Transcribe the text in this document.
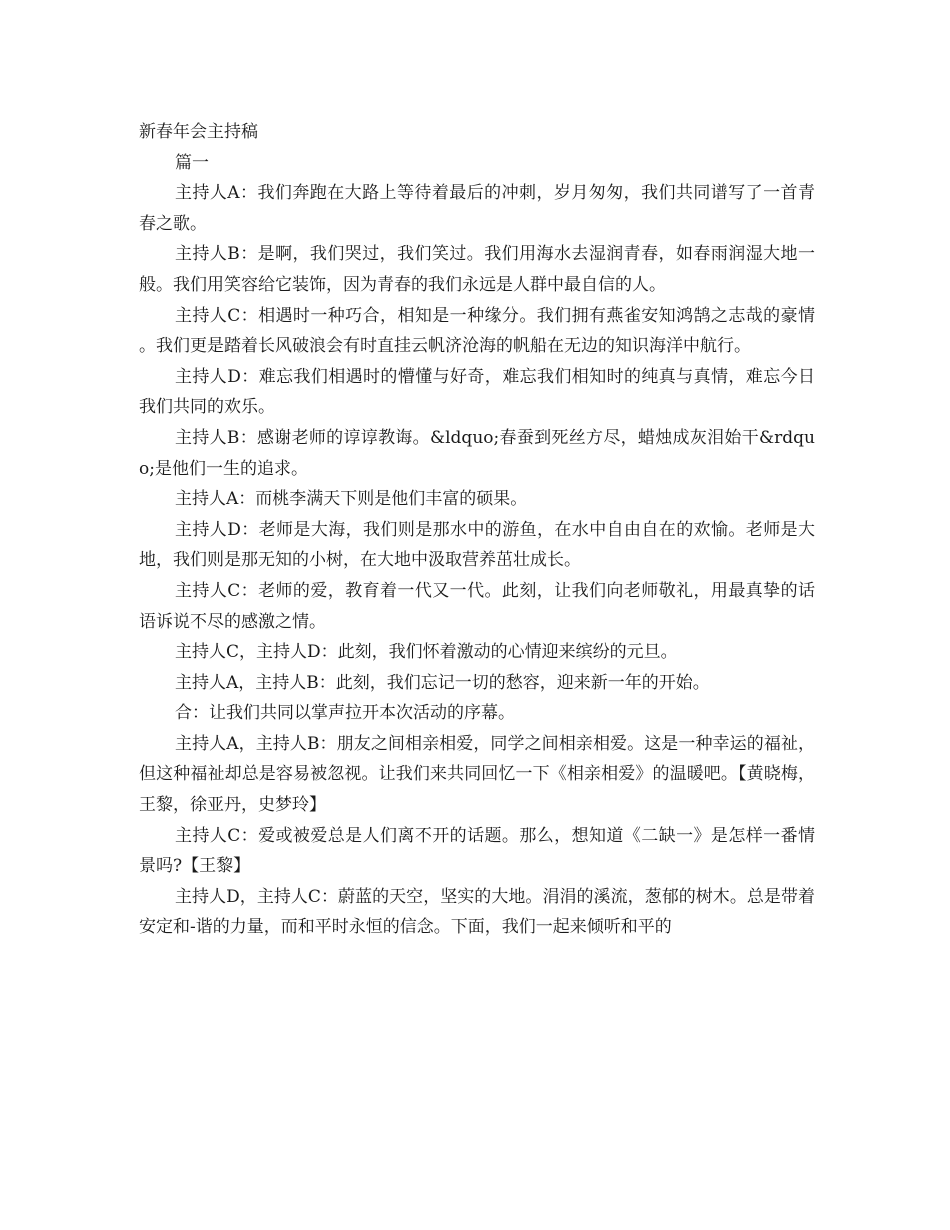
新春年会主持稿

篇一

主持人A：我们奔跑在大路上等待着最后的冲刺，岁月匆匆，我们共同谱写了一首青春之歌。

主持人B：是啊，我们哭过，我们笑过。我们用海水去湿润青春，如春雨润湿大地一般。我们用笑容给它装饰，因为青春的我们永远是人群中最自信的人。

主持人C：相遇时一种巧合，相知是一种缘分。我们拥有燕雀安知鸿鹄之志哉的豪情。我们更是踏着长风破浪会有时直挂云帆济沧海的帆船在无边的知识海洋中航行。

主持人D：难忘我们相遇时的懵懂与好奇，难忘我们相知时的纯真与真情，难忘今日我们共同的欢乐。

主持人B：感谢老师的谆谆教诲。&ldquo;春蚕到死丝方尽，蜡烛成灰泪始干&rdquo;是他们一生的追求。

主持人A：而桃李满天下则是他们丰富的硕果。

主持人D：老师是大海，我们则是那水中的游鱼，在水中自由自在的欢愉。老师是大地，我们则是那无知的小树，在大地中汲取营养茁壮成长。

主持人C：老师的爱，教育着一代又一代。此刻，让我们向老师敬礼，用最真挚的话语诉说不尽的感激之情。

主持人C，主持人D：此刻，我们怀着激动的心情迎来缤纷的元旦。

主持人A，主持人B：此刻，我们忘记一切的愁容，迎来新一年的开始。

合：让我们共同以掌声拉开本次活动的序幕。

主持人A，主持人B：朋友之间相亲相爱，同学之间相亲相爱。这是一种幸运的福祉，但这种福祉却总是容易被忽视。让我们来共同回忆一下《相亲相爱》的温暖吧。【黄晓梅，王黎，徐亚丹，史梦玲】

主持人C：爱或被爱总是人们离不开的话题。那么，想知道《二缺一》是怎样一番情景吗?【王黎】

主持人D，主持人C：蔚蓝的天空，坚实的大地。涓涓的溪流，葱郁的树木。总是带着安定和-谐的力量，而和平时永恒的信念。下面，我们一起来倾听和平的
